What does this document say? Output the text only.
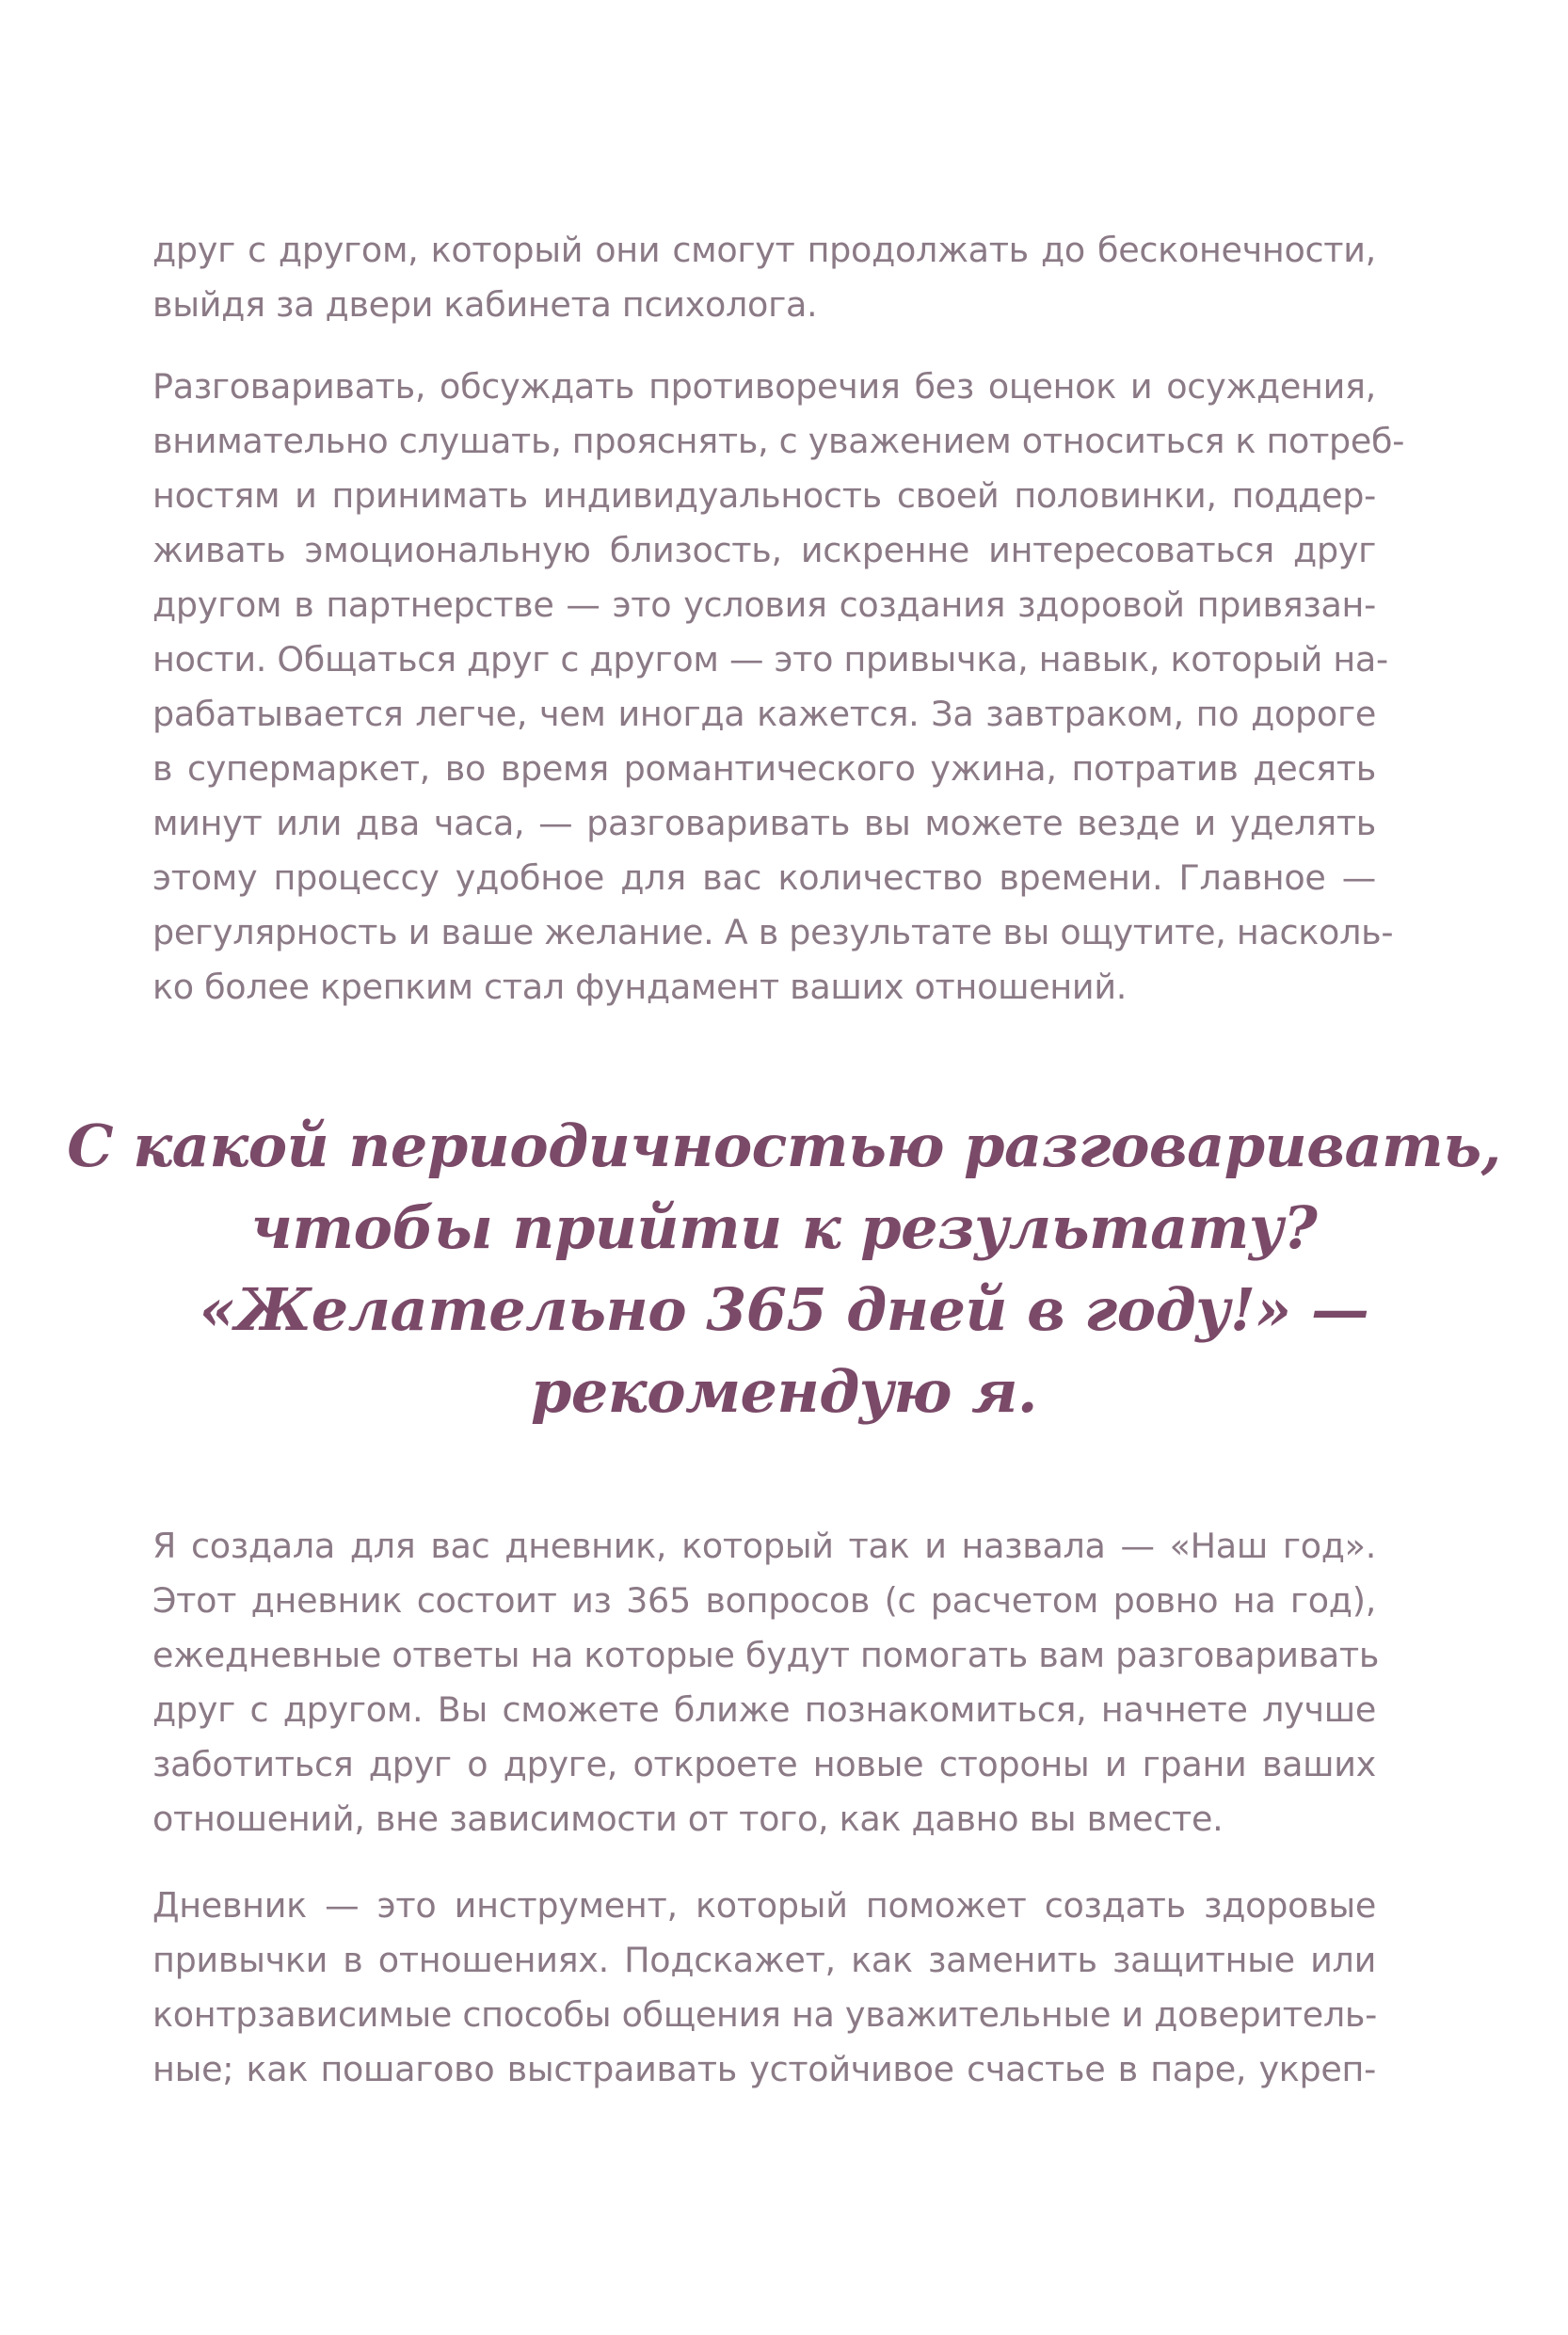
друг с другом, который они смогут продолжать до бесконечности,
выйдя за двери кабинета психолога.
Разговаривать, обсуждать противоречия без оценок и осуждения,
внимательно слушать, прояснять, с уважением относиться к потреб-
ностям и принимать индивидуальность своей половинки, поддер-
живать эмоциональную близость, искренне интересоваться друг
другом в партнерстве — это условия создания здоровой привязан-
ности. Общаться друг с другом — это привычка, навык, который на-
рабатывается легче, чем иногда кажется. За завтраком, по дороге
в супермаркет, во время романтического ужина, потратив десять
минут или два часа, — разговаривать вы можете везде и уделять
этому процессу удобное для вас количество времени. Главное —
регулярность и ваше желание. А в результате вы ощутите, насколь-
ко более крепким стал фундамент ваших отношений.
С какой периодичностью разговаривать,
чтобы прийти к результату?
«Желательно 365 дней в году!» —
рекомендую я.
Я создала для вас дневник, который так и назвала — «Наш год».
Этот дневник состоит из 365 вопросов (с расчетом ровно на год),
ежедневные ответы на которые будут помогать вам разговаривать
друг с другом. Вы сможете ближе познакомиться, начнете лучше
заботиться друг о друге, откроете новые стороны и грани ваших
отношений, вне зависимости от того, как давно вы вместе.
Дневник — это инструмент, который поможет создать здоровые
привычки в отношениях. Подскажет, как заменить защитные или
контрзависимые способы общения на уважительные и доверитель-
ные; как пошагово выстраивать устойчивое счастье в паре, укреп-
